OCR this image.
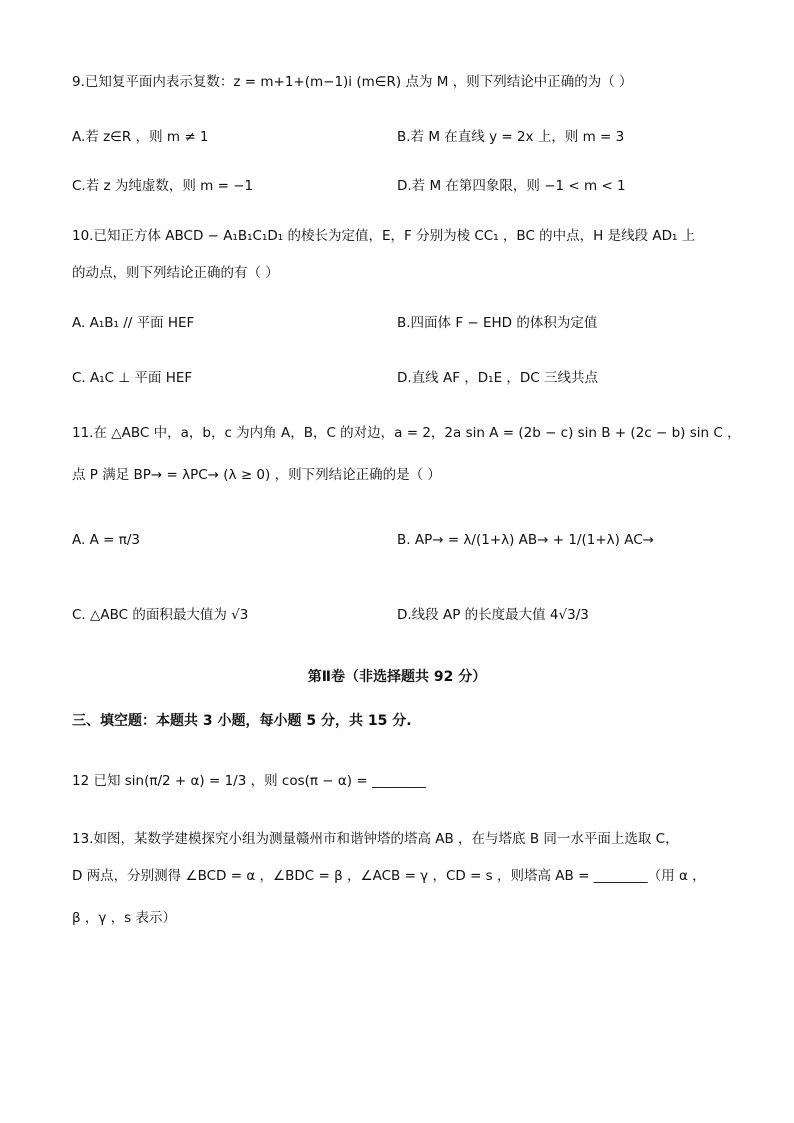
9.已知复平面内表示复数：z = m+1+(m−1)i (m∈R) 点为 M ，则下列结论中正确的为（ ）
A.若 z∈R ，则 m ≠ 1	B.若 M 在直线 y = 2x 上，则 m = 3
C.若 z 为纯虚数，则 m = −1	D.若 M 在第四象限，则 −1 < m < 1
10.已知正方体 ABCD − A₁B₁C₁D₁ 的棱长为定值，E，F 分别为棱 CC₁ ，BC 的中点，H 是线段 AD₁ 上
的动点，则下列结论正确的有（ ）
A. A₁B₁ // 平面 HEF	B.四面体 F − EHD 的体积为定值
C. A₁C ⊥ 平面 HEF	D.直线 AF ，D₁E ，DC 三线共点
11.在 △ABC 中，a，b，c 为内角 A，B，C 的对边，a = 2，2a sin A = (2b − c) sin B + (2c − b) sin C ，
点 P 满足 BP→ = λPC→ (λ ≥ 0) ，则下列结论正确的是（ ）
A. A = π/3	B. AP→ = λ/(1+λ) AB→ + 1/(1+λ) AC→
C. △ABC 的面积最大值为 √3	D.线段 AP 的长度最大值 4√3/3
第Ⅱ卷（非选择题共 92 分）
三、填空题：本题共 3 小题，每小题 5 分，共 15 分.
12 已知 sin(π/2 + α) = 1/3 ，则 cos(π − α) = ________
13.如图，某数学建模探究小组为测量赣州市和谐钟塔的塔高 AB ，在与塔底 B 同一水平面上选取 C，
D 两点，分别测得 ∠BCD = α ，∠BDC = β ，∠ACB = γ ，CD = s ，则塔高 AB = ________（用 α ，
β ，γ ，s 表示）
